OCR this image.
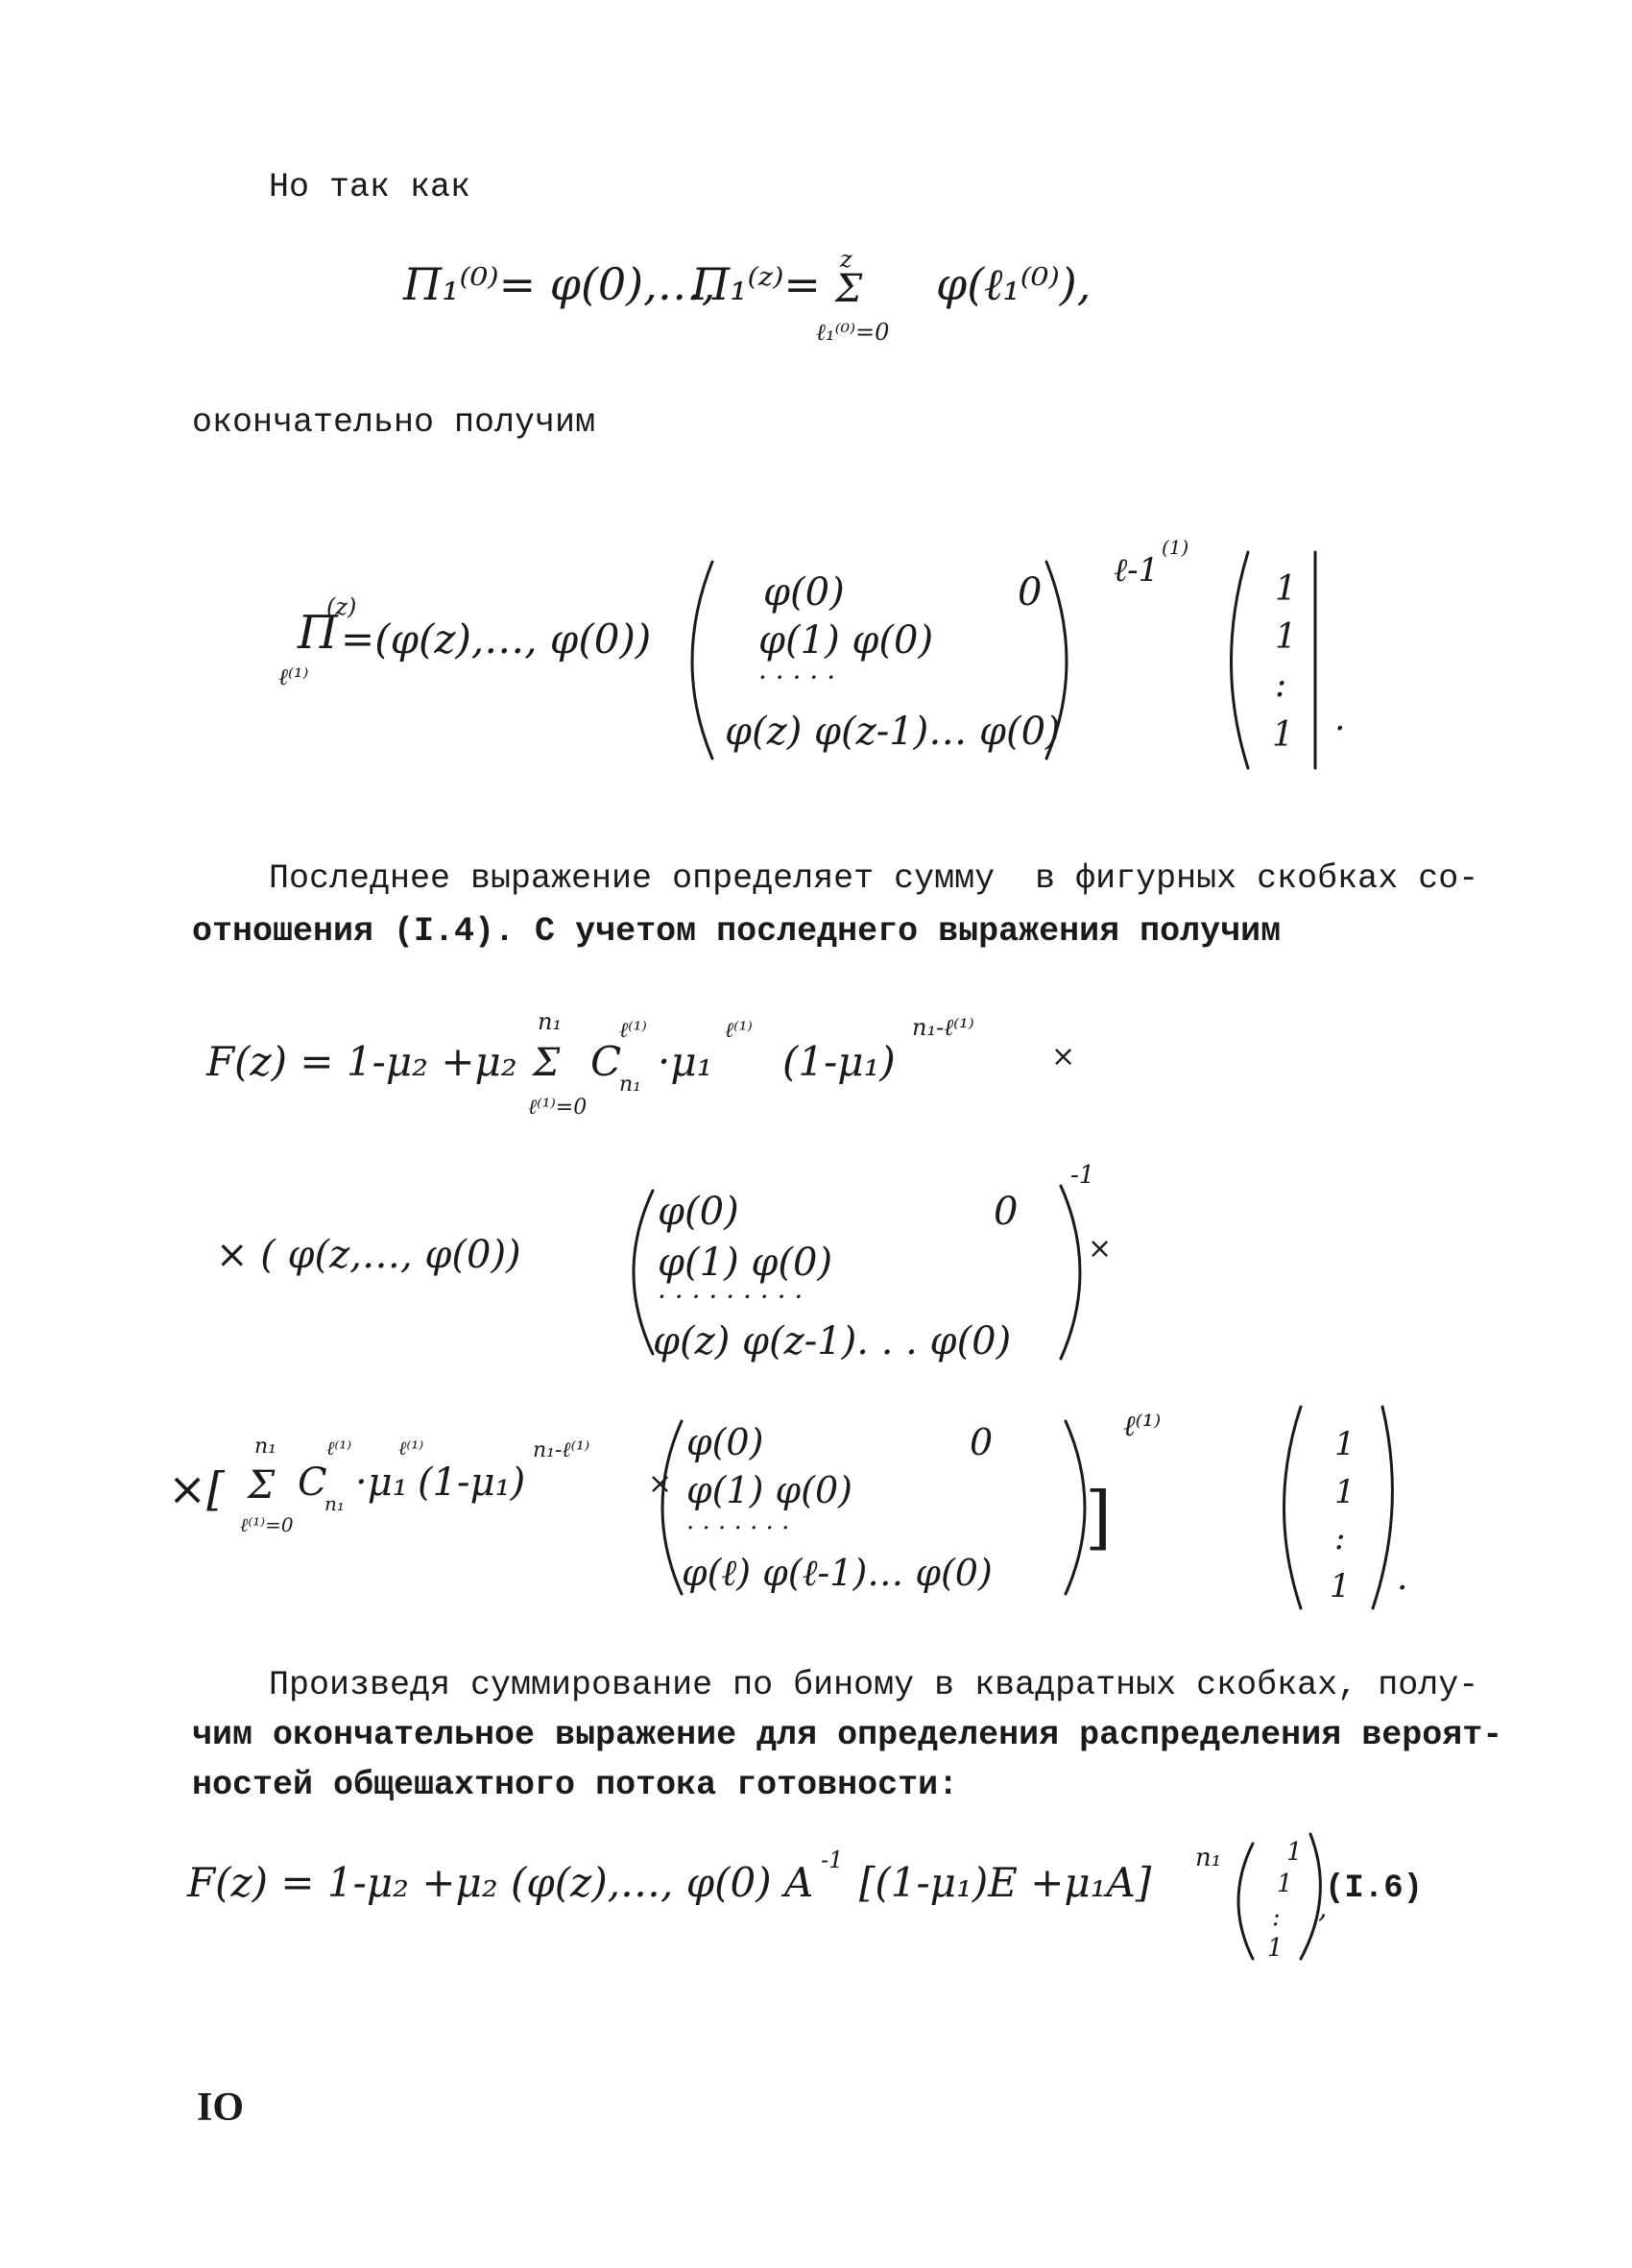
Но так как
Π₁⁽⁰⁾= φ(0),…,
Π₁⁽ᶻ⁾= z
Σ
ℓ₁⁽⁰⁾=0
φ(ℓ₁⁽⁰⁾),
окончательно получим
Π
(z)
ℓ⁽¹⁾
=(φ(z),…, φ(0))
φ(0)	0
φ(1) φ(0)
· · · · ·
φ(z) φ(z-1)… φ(0)
ℓ-1
(1)
1
1
:
1 .
Последнее выражение определяет сумму  в фигурных скобках со-
отношения (I.4). С учетом последнего выражения получим
F(z) = 1-μ₂ +μ₂
n₁
Σ
ℓ⁽¹⁾=0
C
n₁
ℓ⁽¹⁾
·μ₁
ℓ⁽¹⁾
(1-μ₁)
n₁-ℓ⁽¹⁾
×
× ( φ(z,…, φ(0))
φ(0)	0
φ(1) φ(0)
· · · · · · · · ·
φ(z) φ(z-1). . . φ(0)
-1
×
×[
n₁
Σ
ℓ⁽¹⁾=0
C
n₁
ℓ⁽¹⁾
·μ₁
ℓ⁽¹⁾
(1-μ₁)
n₁-ℓ⁽¹⁾
×
φ(0)	0
φ(1) φ(0)
· · · · · · ·
φ(ℓ) φ(ℓ-1)… φ(0)
]
ℓ⁽¹⁾	1
1
:
1 .
Произведя суммирование по биному в квадратных скобках, полу-
чим окончательное выражение для определения распределения вероят-
ностей общешахтного потока готовности:
F(z) = 1-μ₂ +μ₂ (φ(z),…, φ(0) A -1 [(1-μ₁)E +μ₁A]
n₁	1
1
:
1
,
(I.6)
IO
